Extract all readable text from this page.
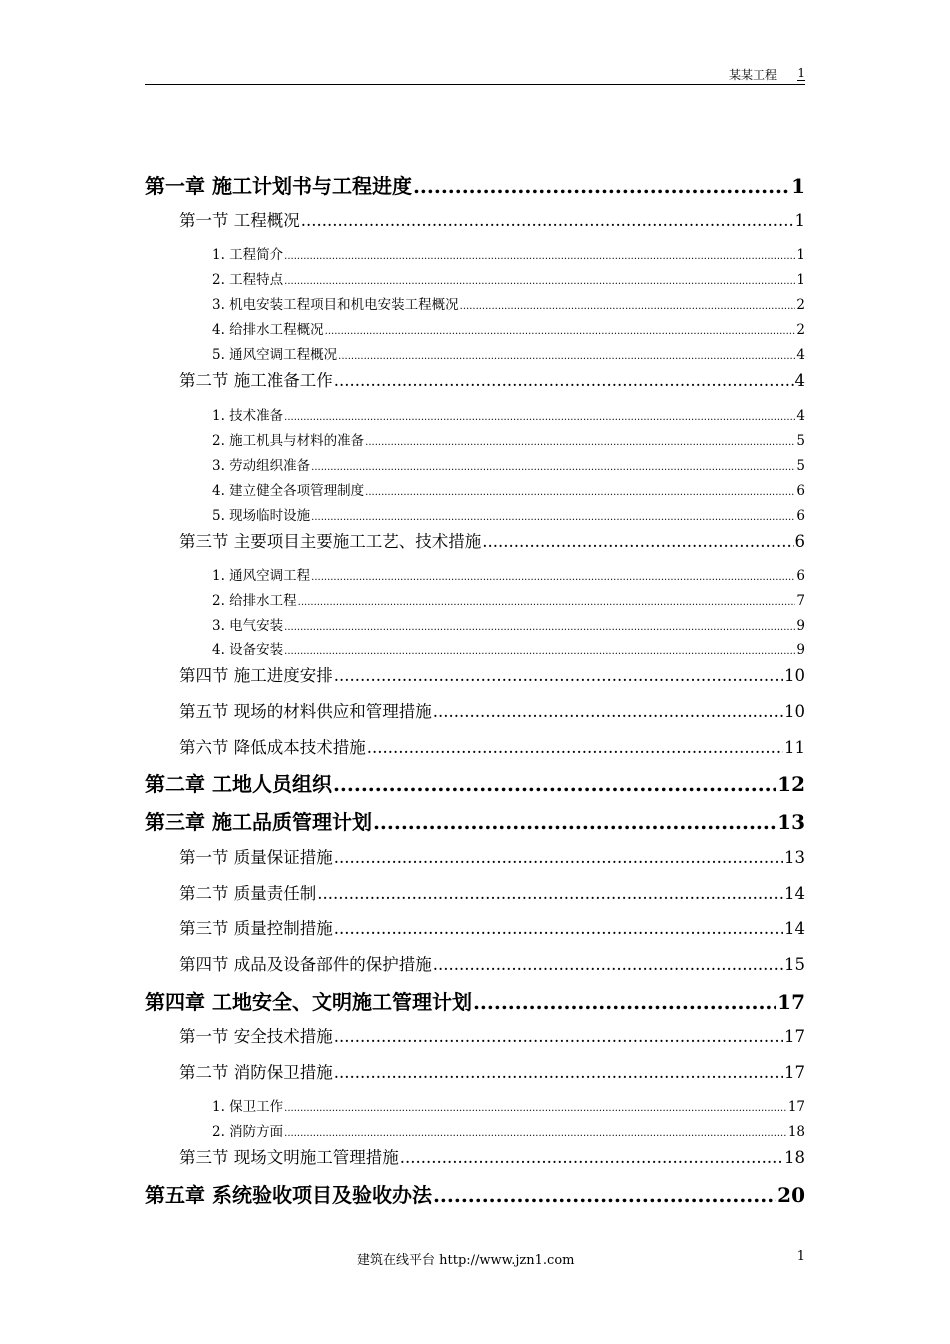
某某工程 1
第一章 施工计划书与工程进度 .....	1
第一节 工程概况 .....	1
1. 工程简介 .....	1
2. 工程特点 .....	1
3. 机电安装工程项目和机电安装工程概况 .....	2
4. 给排水工程概况 .....	2
5. 通风空调工程概况 .....	4
第二节 施工准备工作 .....	4
1. 技术准备 .....	4
2. 施工机具与材料的准备 .....	5
3. 劳动组织准备 .....	5
4. 建立健全各项管理制度 .....	6
5. 现场临时设施 .....	6
第三节 主要项目主要施工工艺、技术措施 .....	6
1. 通风空调工程 .....	6
2. 给排水工程 .....	7
3. 电气安装 .....	9
4. 设备安装 .....	9
第四节 施工进度安排 .....	10
第五节 现场的材料供应和管理措施 .....	10
第六节 降低成本技术措施 .....	11
第二章 工地人员组织 .....	12
第三章 施工品质管理计划 .....	13
第一节 质量保证措施 .....	13
第二节 质量责任制 .....	14
第三节 质量控制措施 .....	14
第四节 成品及设备部件的保护措施 .....	15
第四章 工地安全、文明施工管理计划 .....	17
第一节 安全技术措施 .....	17
第二节 消防保卫措施 .....	17
1. 保卫工作 .....	17
2. 消防方面 .....	18
第三节 现场文明施工管理措施 .....	18
第五章 系统验收项目及验收办法 .....	20
建筑在线平台 http://www.jzn1.com	1
